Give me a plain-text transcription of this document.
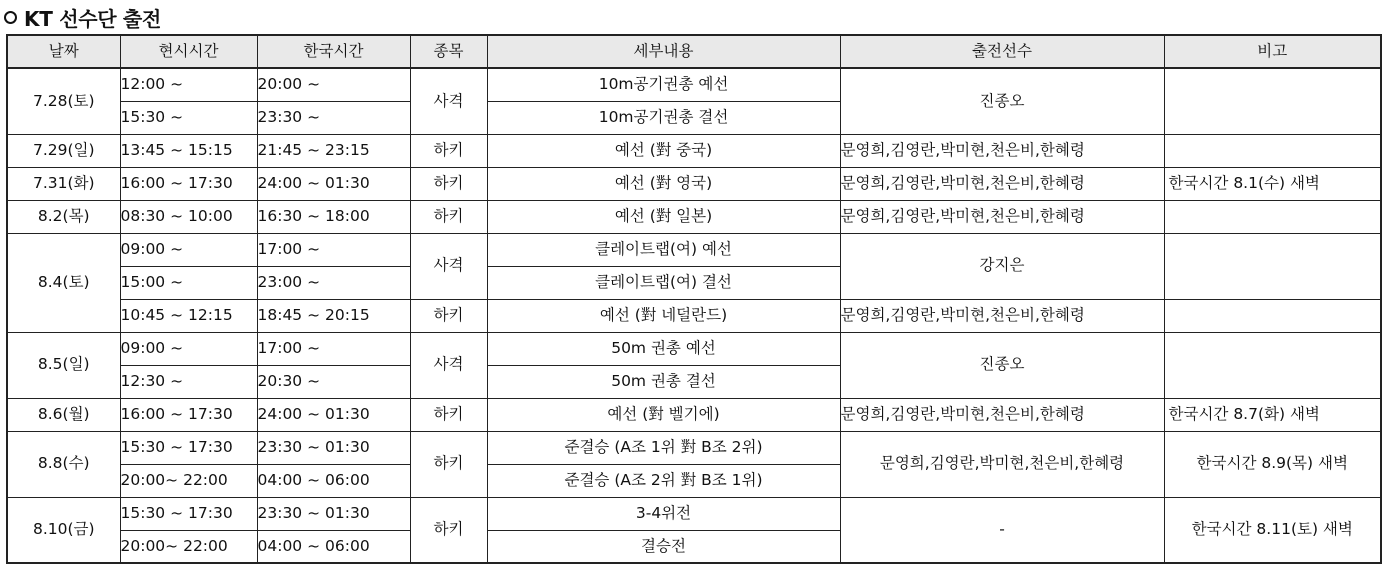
KT 선수단 출전
날짜	현시시간	한국시간	종목	세부내용	출전선수	비고
7.28(토)	12:00 ~	20:00 ~	사격	10m공기권총 예선	진종오	
	15:30 ~	23:30 ~		10m공기권총 결선		
7.29(일)	13:45 ~ 15:15	21:45 ~ 23:15	하키	예선 (對 중국)	문영희,김영란,박미현,천은비,한혜령	
7.31(화)	16:00 ~ 17:30	24:00 ~ 01:30	하키	예선 (對 영국)	문영희,김영란,박미현,천은비,한혜령	한국시간 8.1(수) 새벽
8.2(목)	08:30 ~ 10:00	16:30 ~ 18:00	하키	예선 (對 일본)	문영희,김영란,박미현,천은비,한혜령	
8.4(토)	09:00 ~	17:00 ~	사격	클레이트랩(여) 예선	강지은	
	15:00 ~	23:00 ~		클레이트랩(여) 결선		
	10:45 ~ 12:15	18:45 ~ 20:15	하키	예선 (對 네덜란드)	문영희,김영란,박미현,천은비,한혜령	
8.5(일)	09:00 ~	17:00 ~	사격	50m 권총 예선	진종오	
	12:30 ~	20:30 ~		50m 권총 결선		
8.6(월)	16:00 ~ 17:30	24:00 ~ 01:30	하키	예선 (對 벨기에)	문영희,김영란,박미현,천은비,한혜령	한국시간 8.7(화) 새벽
8.8(수)	15:30 ~ 17:30	23:30 ~ 01:30	하키	준결승 (A조 1위 對 B조 2위)	문영희,김영란,박미현,천은비,한혜령	한국시간 8.9(목) 새벽
	20:00~ 22:00	04:00 ~ 06:00		준결승 (A조 2위 對 B조 1위)		
8.10(금)	15:30 ~ 17:30	23:30 ~ 01:30	하키	3-4위전	-	한국시간 8.11(토) 새벽
	20:00~ 22:00	04:00 ~ 06:00		결승전		
